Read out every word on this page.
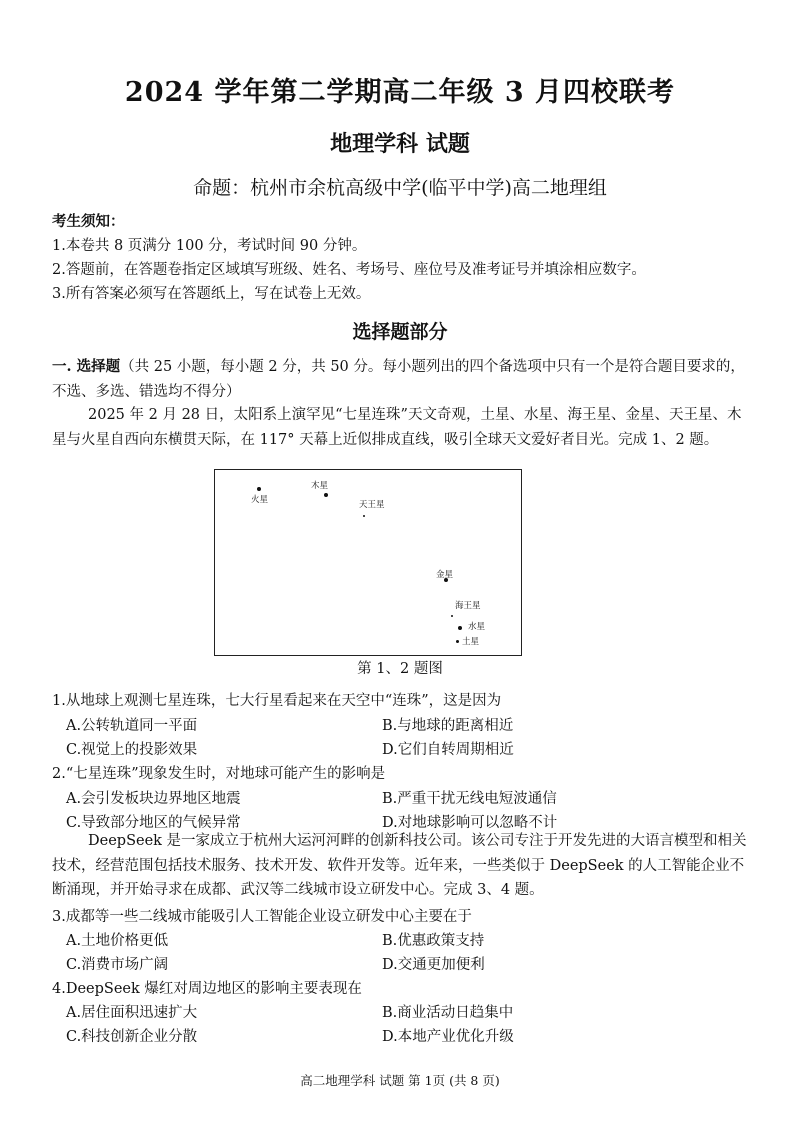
2024 学年第二学期高二年级 3 月四校联考
地理学科 试题
命题：杭州市余杭高级中学(临平中学)高二地理组
考生须知：
1.本卷共 8 页满分 100 分，考试时间 90 分钟。
2.答题前，在答题卷指定区域填写班级、姓名、考场号、座位号及准考证号并填涂相应数字。
3.所有答案必须写在答题纸上，写在试卷上无效。
选择题部分
一. 选择题（共 25 小题，每小题 2 分，共 50 分。每小题列出的四个备选项中只有一个是符合题目要求的，不选、多选、错选均不得分）
2025 年 2 月 28 日，太阳系上演罕见“七星连珠”天文奇观，土星、水星、海王星、金星、天王星、木星与火星自西向东横贯天际，在 117° 天幕上近似排成直线，吸引全球天文爱好者目光。完成 1、2 题。
火星
木星
天王星
金星
海王星
水星
土星
第 1、2 题图
1.从地球上观测七星连珠，七大行星看起来在天空中“连珠”，这是因为
A.公转轨道同一平面	B.与地球的距离相近
C.视觉上的投影效果	D.它们自转周期相近
2.“七星连珠”现象发生时，对地球可能产生的影响是
A.会引发板块边界地区地震	B.严重干扰无线电短波通信
C.导致部分地区的气候异常	D.对地球影响可以忽略不计
DeepSeek 是一家成立于杭州大运河河畔的创新科技公司。该公司专注于开发先进的大语言模型和相关技术，经营范围包括技术服务、技术开发、软件开发等。近年来，一些类似于 DeepSeek 的人工智能企业不断涌现，并开始寻求在成都、武汉等二线城市设立研发中心。完成 3、4 题。
3.成都等一些二线城市能吸引人工智能企业设立研发中心主要在于
A.土地价格更低	B.优惠政策支持
C.消费市场广阔	D.交通更加便利
4.DeepSeek 爆红对周边地区的影响主要表现在
A.居住面积迅速扩大	B.商业活动日趋集中
C.科技创新企业分散	D.本地产业优化升级
高二地理学科 试题 第 1页 (共 8 页)
